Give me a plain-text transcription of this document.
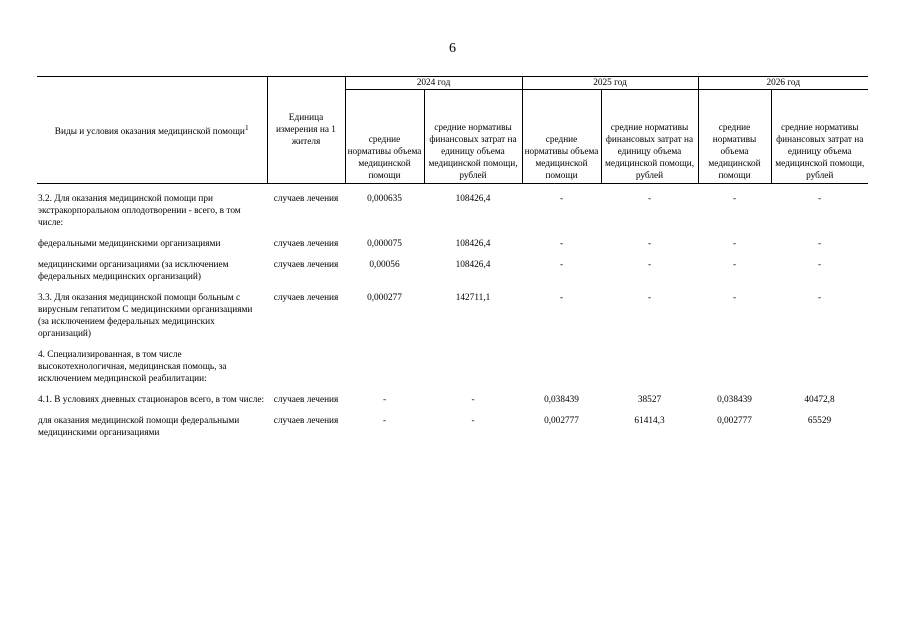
6
Виды и условия оказания медицинской помощи$^1$	Единица измерения на 1 жителя	2024 год		2025 год		2026 год	
		средние нормативы объема медицинской помощи	средние нормативы финансовых затрат на единицу объема медицинской помощи, рублей	средние нормативы объема медицинской помощи	средние нормативы финансовых затрат на единицу объема медицинской помощи, рублей	средние нормативы объема медицинской помощи	средние нормативы финансовых затрат на единицу объема медицинской помощи, рублей

3.2. Для оказания медицинской помощи при экстракорпоральном оплодотворении - всего, в том числе:	случаев лечения	0,000635	108426,4	-	-	-	-
федеральными медицинскими организациями	случаев лечения	0,000075	108426,4	-	-	-	-
медицинскими организациями (за исключением федеральных медицинских организаций)	случаев лечения	0,00056	108426,4	-	-	-	-
3.3. Для оказания медицинской помощи больным с вирусным гепатитом С медицинскими организациями (за исключением федеральных медицинских организаций)	случаев лечения	0,000277	142711,1	-	-	-	-
4. Специализированная, в том числе высокотехнологичная, медицинская помощь, за исключением медицинской реабилитации:							
4.1. В условиях дневных стационаров всего, в том числе:	случаев лечения	-	-	0,038439	38527	0,038439	40472,8
для оказания медицинской помощи федеральными медицинскими организациями	случаев лечения	-	-	0,002777	61414,3	0,002777	65529
